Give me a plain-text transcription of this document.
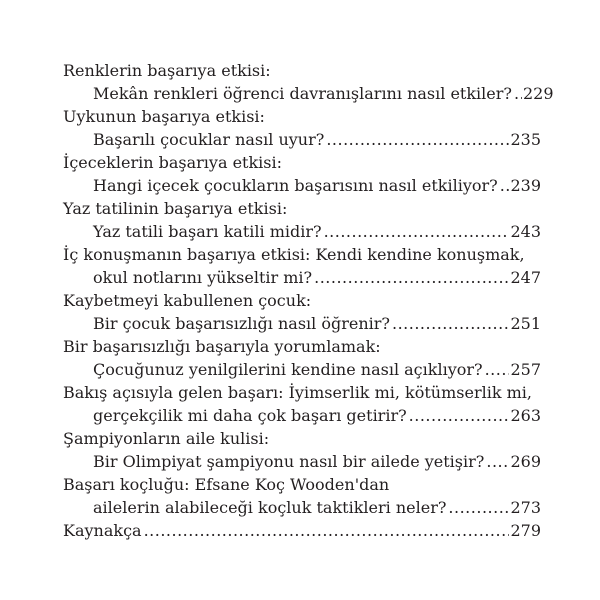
Renklerin başarıya etkisi:
Mekân renkleri öğrenci davranışlarını nasıl etkiler? ..... 229
Uykunun başarıya etkisi:
Başarılı çocuklar nasıl uyur? .....	235
İçeceklerin başarıya etkisi:
Hangi içecek çocukların başarısını nasıl etkiliyor? ..... 239
Yaz tatilinin başarıya etkisi:
Yaz tatili başarı katili midir? .....	243
İç konuşmanın başarıya etkisi: Kendi kendine konuşmak,
okul notlarını yükseltir mi? .....	247
Kaybetmeyi kabullenen çocuk:
Bir çocuk başarısızlığı nasıl öğrenir? .....	251
Bir başarısızlığı başarıyla yorumlamak:
Çocuğunuz yenilgilerini kendine nasıl açıklıyor? ..... 257
Bakış açısıyla gelen başarı: İyimserlik mi, kötümserlik mi,
gerçekçilik mi daha çok başarı getirir? .....	263
Şampiyonların aile kulisi:
Bir Olimpiyat şampiyonu nasıl bir ailede yetişir? ..... 269
Başarı koçluğu: Efsane Koç Wooden'dan
ailelerin alabileceği koçluk taktikleri neler? .....	273
Kaynakça .....	279
